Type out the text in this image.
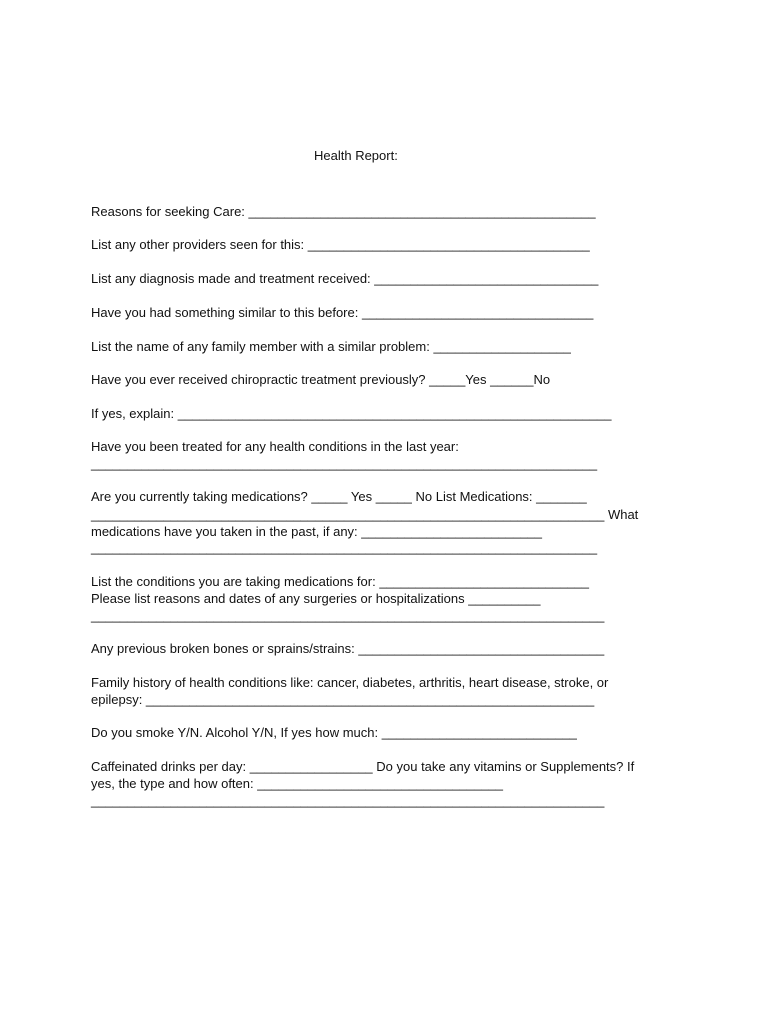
Health Report:

Reasons for seeking Care: ________________________________________________

List any other providers seen for this: _______________________________________

List any diagnosis made and treatment received: _______________________________

Have you had something similar to this before: ________________________________

List the name of any family member with a similar problem: ___________________

Have you ever received chiropractic treatment previously? _____Yes ______No

If yes, explain: ____________________________________________________________

Have you been treated for any health conditions in the last year:

______________________________________________________________________

Are you currently taking medications? _____ Yes _____ No List Medications: _______

_______________________________________________________________________ What

medications have you taken in the past, if any: _________________________

______________________________________________________________________

List the conditions you are taking medications for: _____________________________

Please list reasons and dates of any surgeries or hospitalizations __________

_______________________________________________________________________

Any previous broken bones or sprains/strains: __________________________________

Family history of health conditions like: cancer, diabetes, arthritis, heart disease, stroke, or

epilepsy: ______________________________________________________________

Do you smoke Y/N. Alcohol Y/N, If yes how much: ___________________________

Caffeinated drinks per day: _________________ Do you take any vitamins or Supplements? If

yes, the type and how often: __________________________________

_______________________________________________________________________
